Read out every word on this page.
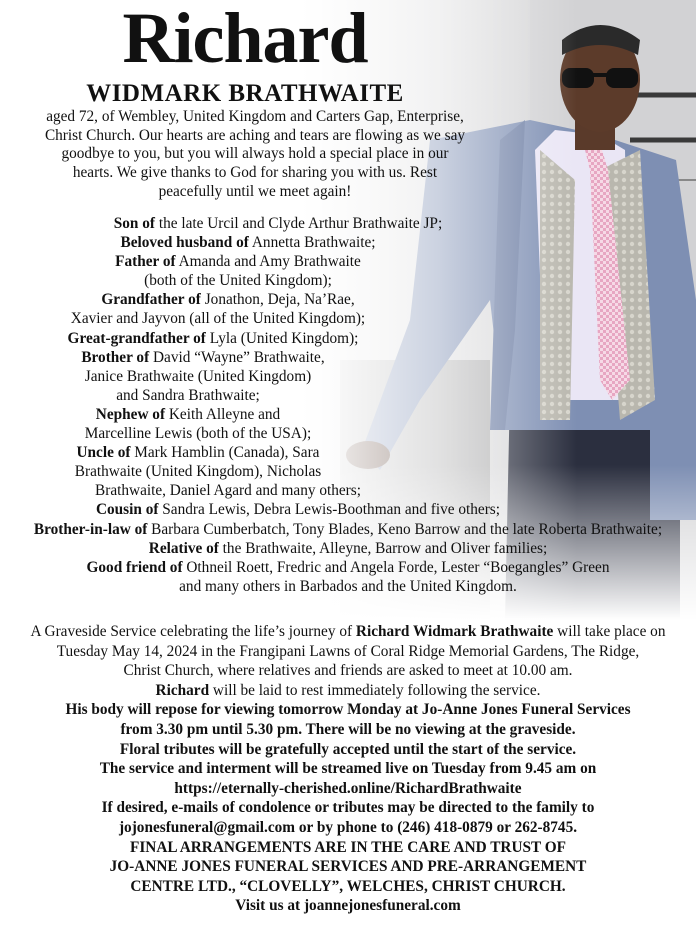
Richard
WIDMARK BRATHWAITE
aged 72, of Wembley, United Kingdom and Carters Gap, Enterprise,
Christ Church. Our hearts are aching and tears are flowing as we say
goodbye to you, but you will always hold a special place in our
hearts. We give thanks to God for sharing you with us. Rest
peacefully until we meet again!
Son of the late Urcil and Clyde Arthur Brathwaite JP;
Beloved husband of Annetta Brathwaite;
Father of Amanda and Amy Brathwaite
(both of the United Kingdom);
Grandfather of Jonathon, Deja, Na’Rae,
Xavier and Jayvon (all of the United Kingdom);
Great-grandfather of Lyla (United Kingdom);
Brother of David “Wayne” Brathwaite,
Janice Brathwaite (United Kingdom)
and Sandra Brathwaite;
Nephew of Keith Alleyne and
Marcelline Lewis (both of the USA);
Uncle of Mark Hamblin (Canada), Sara
Brathwaite (United Kingdom), Nicholas
Brathwaite, Daniel Agard and many others;
Cousin of Sandra Lewis, Debra Lewis-Boothman and five others;
Brother-in-law of Barbara Cumberbatch, Tony Blades, Keno Barrow and the late Roberta Brathwaite;
Relative of the Brathwaite, Alleyne, Barrow and Oliver families;
Good friend of Othneil Roett, Fredric and Angela Forde, Lester “Boegangles” Green
and many others in Barbados and the United Kingdom.
A Graveside Service celebrating the life’s journey of Richard Widmark Brathwaite will take place on
Tuesday May 14, 2024 in the Frangipani Lawns of Coral Ridge Memorial Gardens, The Ridge,
Christ Church, where relatives and friends are asked to meet at 10.00 am.
Richard will be laid to rest immediately following the service.
His body will repose for viewing tomorrow Monday at Jo-Anne Jones Funeral Services
from 3.30 pm until 5.30 pm. There will be no viewing at the graveside.
Floral tributes will be gratefully accepted until the start of the service.
The service and interment will be streamed live on Tuesday from 9.45 am on
https://eternally-cherished.online/RichardBrathwaite
If desired, e-mails of condolence or tributes may be directed to the family to
jojonesfuneral@gmail.com or by phone to (246) 418-0879 or 262-8745.
FINAL ARRANGEMENTS ARE IN THE CARE AND TRUST OF
JO-ANNE JONES FUNERAL SERVICES AND PRE-ARRANGEMENT
CENTRE LTD., “CLOVELLY”, WELCHES, CHRIST CHURCH.
Visit us at joannejonesfuneral.com
